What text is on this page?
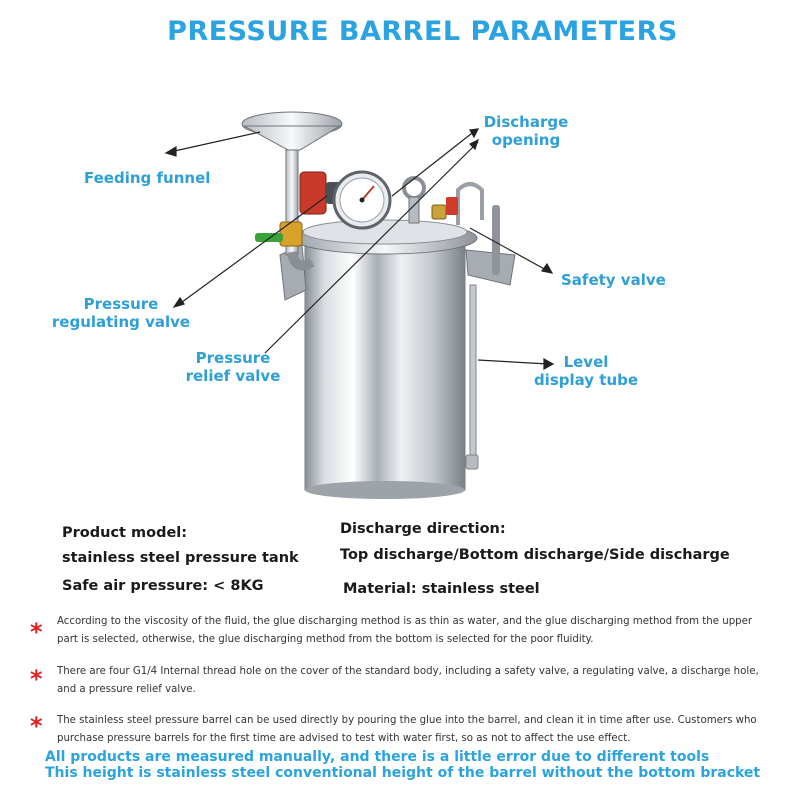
PRESSURE BARREL PARAMETERS
Feeding funnel
Discharge
opening
Safety valve
Pressure
regulating valve
Pressure
relief valve
Level
display tube
Product model:
stainless steel pressure tank
Safe air pressure: < 8KG
Discharge direction:
Top discharge/Bottom discharge/Side discharge
Material: stainless steel
* According to the viscosity of the fluid, the glue discharging method is as thin as water, and the glue discharging method from the upper part is selected, otherwise, the glue discharging method from the bottom is selected for the poor fluidity.
* There are four G1/4 Internal thread hole on the cover of the standard body, including a safety valve, a regulating valve, a discharge hole, and a pressure relief valve.
* The stainless steel pressure barrel can be used directly by pouring the glue into the barrel, and clean it in time after use. Customers who purchase pressure barrels for the first time are advised to test with water first, so as not to affect the use effect.
All products are measured manually, and there is a little error due to different tools
This height is stainless steel conventional height of the barrel without the bottom bracket
